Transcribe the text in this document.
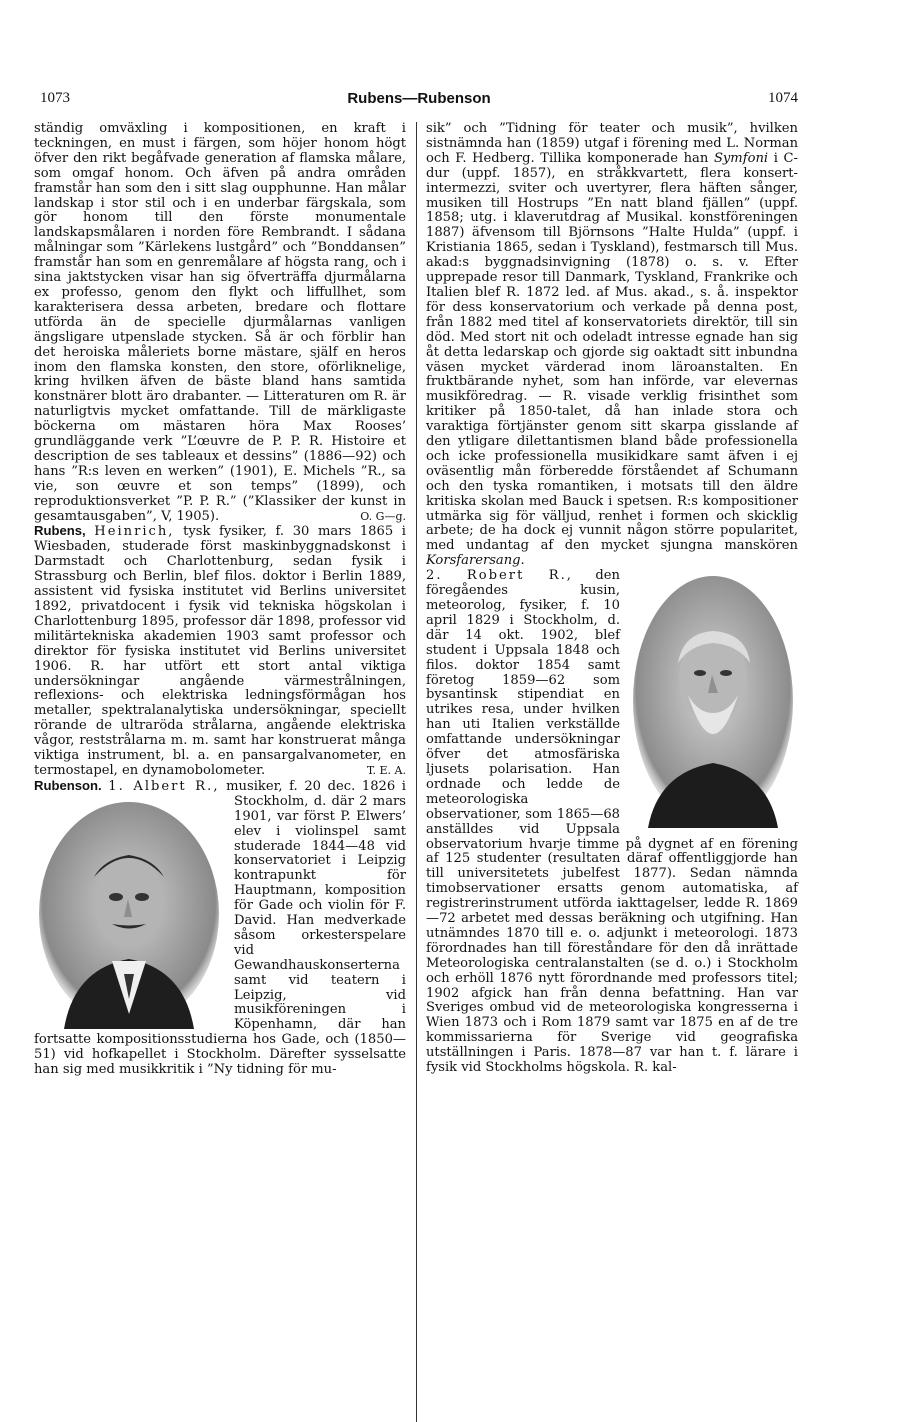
1073	Rubens—Rubenson	1074

ständig omväxling i kompositionen, en kraft i teckningen, en must i färgen, som höjer honom högt öfver den rikt begåfvade generation af flamska målare, som omgaf honom. Och äfven på andra områden framstår han som den i sitt slag oupphunne. Han målar landskap i stor stil och i en underbar färgskala, som gör honom till den förste monumentale landskapsmålaren i norden före Rembrandt. I sådana målningar som ”Kärlekens lustgård” och ”Bonddansen” framstår han som en genremålare af högsta rang, och i sina jaktstycken visar han sig öfverträffa djurmålarna ex professo, genom den flykt och liffullhet, som karakterisera dessa arbeten, bredare och flottare utförda än de specielle djurmålarnas vanligen ängsligare utpenslade stycken. Så är och förblir han det heroiska måleriets borne mästare, själf en heros inom den flamska konsten, den store, oförliknelige, kring hvilken äfven de bäste bland hans samtida konstnärer blott äro drabanter. — Litteraturen om R. är naturligtvis mycket omfattande. Till de märkligaste böckerna om mästaren höra Max Rooses’ grundläggande verk ”L’œuvre de P. P. R. Histoire et description de ses tableaux et dessins” (1886—92) och hans ”R:s leven en werken” (1901), E. Michels ”R., sa vie, son œuvre et son temps” (1899), och reproduktionsverket ”P. P. R.” (”Klassiker der kunst in gesamtausgaben”, V, 1905).	O. G—g.

Rubens, Heinrich, tysk fysiker, f. 30 mars 1865 i Wiesbaden, studerade först maskinbyggnadskonst i Darmstadt och Charlottenburg, sedan fysik i Strassburg och Berlin, blef filos. doktor i Berlin 1889, assistent vid fysiska institutet vid Berlins universitet 1892, privatdocent i fysik vid tekniska högskolan i Charlottenburg 1895, professor där 1898, professor vid militärtekniska akademien 1903 samt professor och direktor för fysiska institutet vid Berlins universitet 1906. R. har utfört ett stort antal viktiga undersökningar angående värmestrålningen, reflexions- och elektriska ledningsförmågan hos metaller, spektralanalytiska undersökningar, speciellt rörande de ultraröda strålarna, angående elektriska vågor, reststrålarna m. m. samt har konstruerat många viktiga instrument, bl. a. en pansargalvanometer, en termostapel, en dynamobolometer.	T. E. A.

Rubenson. 1. Albert R., musiker, f. 20 dec. 1826 i Stockholm, d. där 2 mars 1901, var först P. Elwers’ elev i violinspel samt studerade 1844—48 vid konservatoriet i Leipzig kontrapunkt för Hauptmann, komposition för Gade och violin för F. David. Han medverkade såsom orkesterspelare vid Gewandhauskonserterna samt vid teatern i Leipzig, vid musikföreningen i Köpenhamn, där han fortsatte kompositionsstudierna hos Gade, och (1850—51) vid hofkapellet i Stockholm. Därefter sysselsatte han sig med musikkritik i ”Ny tidning för mu-

sik” och ”Tidning för teater och musik”, hvilken sistnämnda han (1859) utgaf i förening med L. Norman och F. Hedberg. Tillika komponerade han Symfoni i C-dur (uppf. 1857), en stråkkvartett, flera konsert-intermezzi, sviter och uvertyrer, flera häften sånger, musiken till Hostrups ”En natt bland fjällen” (uppf. 1858; utg. i klaverutdrag af Musikal. konstföreningen 1887) äfvensom till Björnsons ”Halte Hulda” (uppf. i Kristiania 1865, sedan i Tyskland), festmarsch till Mus. akad:s byggnadsinvigning (1878) o. s. v. Efter upprepade resor till Danmark, Tyskland, Frankrike och Italien blef R. 1872 led. af Mus. akad., s. å. inspektor för dess konservatorium och verkade på denna post, från 1882 med titel af konservatoriets direktör, till sin död. Med stort nit och odeladt intresse egnade han sig åt detta ledarskap och gjorde sig oaktadt sitt inbundna väsen mycket värderad inom läroanstalten. En fruktbärande nyhet, som han införde, var elevernas musikföredrag. — R. visade verklig frisinthet som kritiker på 1850-talet, då han inlade stora och varaktiga förtjänster genom sitt skarpa gisslande af den ytligare dilettantismen bland både professionella och icke professionella musikidkare samt äfven i ej oväsentlig mån förberedde förståendet af Schumann och den tyska romantiken, i motsats till den äldre kritiska skolan med Bauck i spetsen. R:s kompositioner utmärka sig för välljud, renhet i formen och skicklig arbete; de ha dock ej vunnit någon större popularitet, med undantag af den mycket sjungna manskören Korsfarersang.

2. Robert R., den föregåendes kusin, meteorolog, fysiker, f. 10 april 1829 i Stockholm, d. där 14 okt. 1902, blef student i Uppsala 1848 och filos. doktor 1854 samt företog 1859—62 som bysantinsk stipendiat en utrikes resa, under hvilken han uti Italien verkställde omfattande undersökningar öfver det atmosfäriska ljusets polarisation. Han ordnade och ledde de meteorologiska observationer, som 1865—68 anställdes vid Uppsala observatorium hvarje timme på dygnet af en förening af 125 studenter (resultaten däraf offentliggjorde han till universitetets jubelfest 1877). Sedan nämnda timobservationer ersatts genom automatiska, af registrerinstrument utförda iakttagelser, ledde R. 1869—72 arbetet med dessas beräkning och utgifning. Han utnämndes 1870 till e. o. adjunkt i meteorologi. 1873 förordnades han till föreståndare för den då inrättade Meteorologiska centralanstalten (se d. o.) i Stockholm och erhöll 1876 nytt förordnande med professors titel; 1902 afgick han från denna befattning. Han var Sveriges ombud vid de meteorologiska kongresserna i Wien 1873 och i Rom 1879 samt var 1875 en af de tre kommissarierna för Sverige vid geografiska utställningen i Paris. 1878—87 var han t. f. lärare i fysik vid Stockholms högskola. R. kal-
